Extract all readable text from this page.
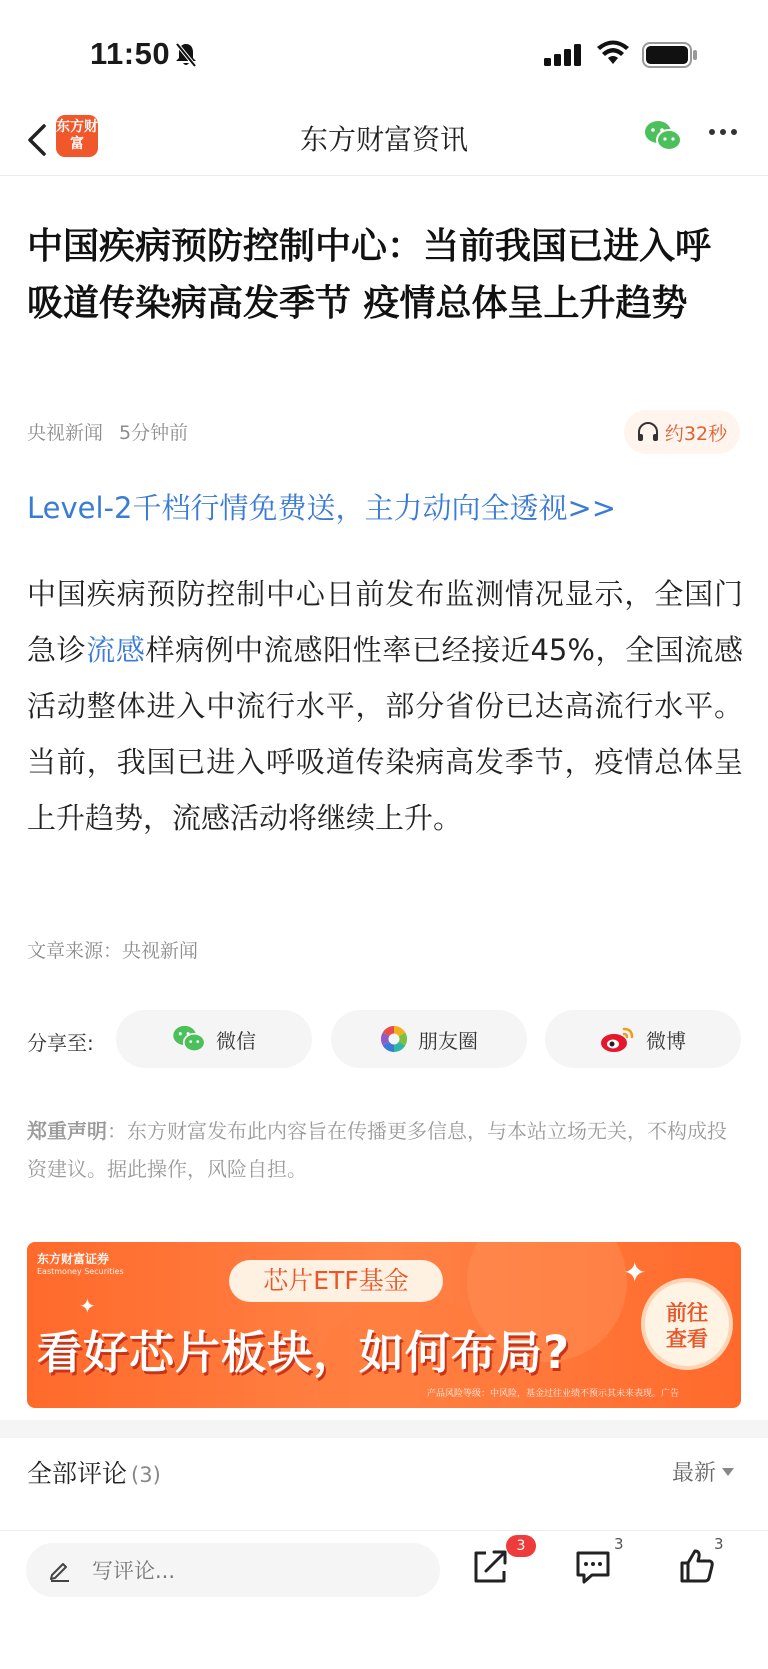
11:50
东方财富	东方财富资讯
中国疾病预防控制中心：当前我国已进入呼吸道传染病高发季节 疫情总体呈上升趋势
央视新闻 5分钟前	约32秒
Level-2千档行情免费送，主力动向全透视>>

中国疾病预防控制中心日前发布监测情况显示，全国门急诊流感样病例中流感阳性率已经接近45%，全国流感活动整体进入中流行水平，部分省份已达高流行水平。当前，我国已进入呼吸道传染病高发季节，疫情总体呈上升趋势，流感活动将继续上升。

文章来源：央视新闻
分享至:	微信	朋友圈	微博

郑重声明：东方财富发布此内容旨在传播更多信息，与本站立场无关，不构成投资建议。据此操作，风险自担。

东方财富证券
Eastmoney Securities
✦
✦
芯片ETF基金
看好芯片板块，如何布局?
前往
查看
产品风险等级：中风险，基金过往业绩不预示其未来表现。广告
全部评论 (3)	最新
写评论...
3	3	3
